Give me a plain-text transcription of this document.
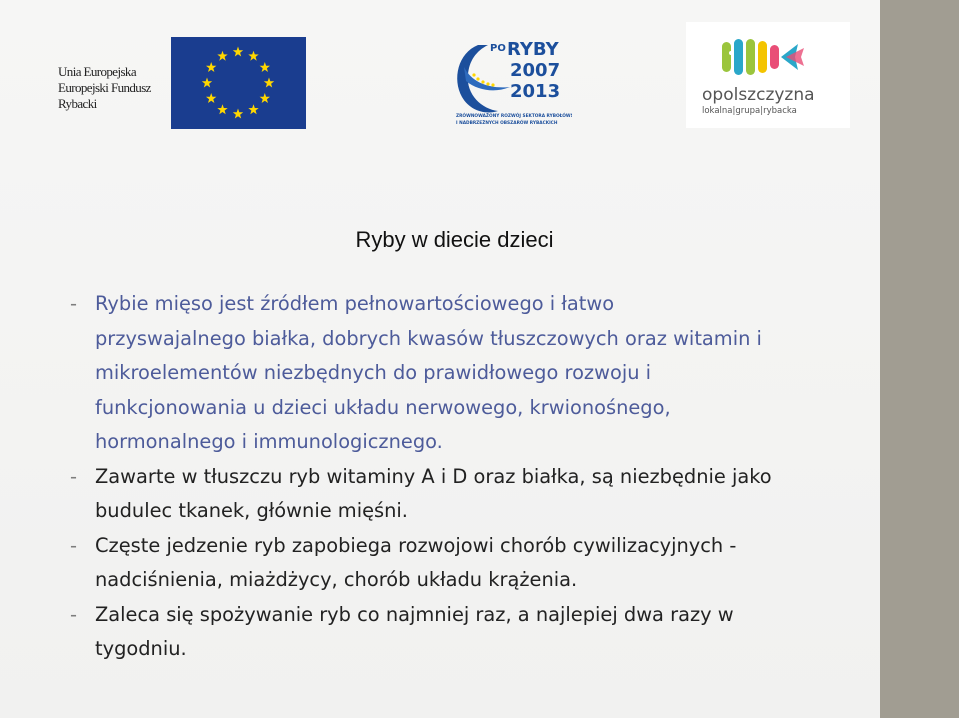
Unia Europejska
Europejski Fundusz
Rybacki
PO RYBY
2007
2013
ZRÓWNOWAŻONY ROZWÓJ SEKTORA RYBOŁÓWSTWA
I NADBRZEŻNYCH OBSZARÓW RYBACKICH
opolszczyzna
lokalna|grupa|rybacka
Ryby w diecie dzieci
- Rybie mięso jest źródłem pełnowartościowego i łatwo
przyswajalnego białka, dobrych kwasów tłuszczowych oraz witamin i
mikroelementów niezbędnych do prawidłowego rozwoju i
funkcjonowania u dzieci układu nerwowego, krwionośnego,
hormonalnego i immunologicznego.
- Zawarte w tłuszczu ryb witaminy A i D oraz białka, są niezbędnie jako
budulec tkanek, głównie mięśni.
- Częste jedzenie ryb zapobiega rozwojowi chorób cywilizacyjnych -
nadciśnienia, miażdżycy, chorób układu krążenia.
- Zaleca się spożywanie ryb co najmniej raz, a najlepiej dwa razy w
tygodniu.
